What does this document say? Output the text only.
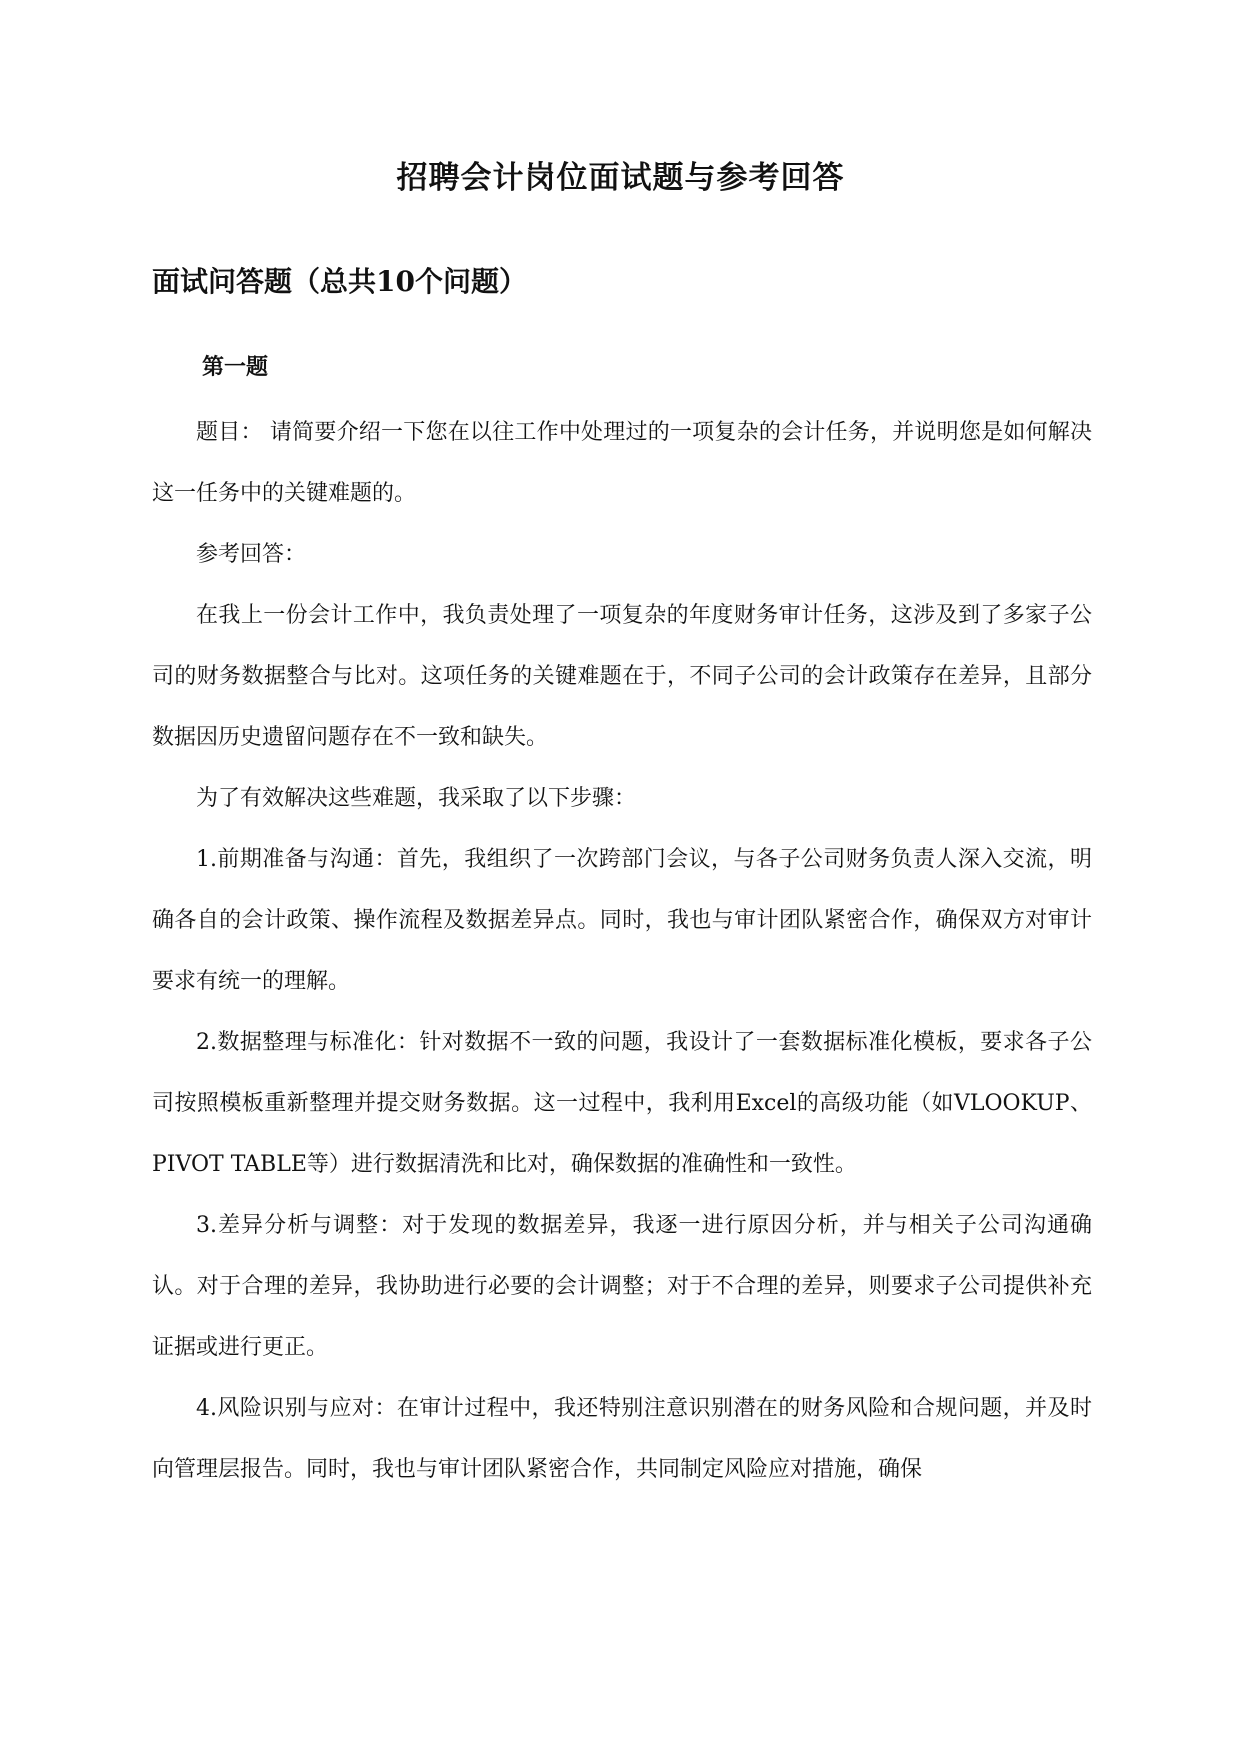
招聘会计岗位面试题与参考回答
面试问答题（总共10个问题）
第一题

题目： 请简要介绍一下您在以往工作中处理过的一项复杂的会计任务，并说明您是如何解决这一任务中的关键难题的。

参考回答：

在我上一份会计工作中，我负责处理了一项复杂的年度财务审计任务，这涉及到了多家子公司的财务数据整合与比对。这项任务的关键难题在于，不同子公司的会计政策存在差异，且部分数据因历史遗留问题存在不一致和缺失。

为了有效解决这些难题，我采取了以下步骤：

1.前期准备与沟通：首先，我组织了一次跨部门会议，与各子公司财务负责人深入交流，明确各自的会计政策、操作流程及数据差异点。同时，我也与审计团队紧密合作，确保双方对审计要求有统一的理解。

2.数据整理与标准化：针对数据不一致的问题，我设计了一套数据标准化模板，要求各子公司按照模板重新整理并提交财务数据。这一过程中，我利用Excel的高级功能（如VLOOKUP、PIVOT TABLE等）进行数据清洗和比对，确保数据的准确性和一致性。

3.差异分析与调整：对于发现的数据差异，我逐一进行原因分析，并与相关子公司沟通确认。对于合理的差异，我协助进行必要的会计调整；对于不合理的差异，则要求子公司提供补充证据或进行更正。

4.风险识别与应对：在审计过程中，我还特别注意识别潜在的财务风险和合规问题，并及时向管理层报告。同时，我也与审计团队紧密合作，共同制定风险应对措施，确保
